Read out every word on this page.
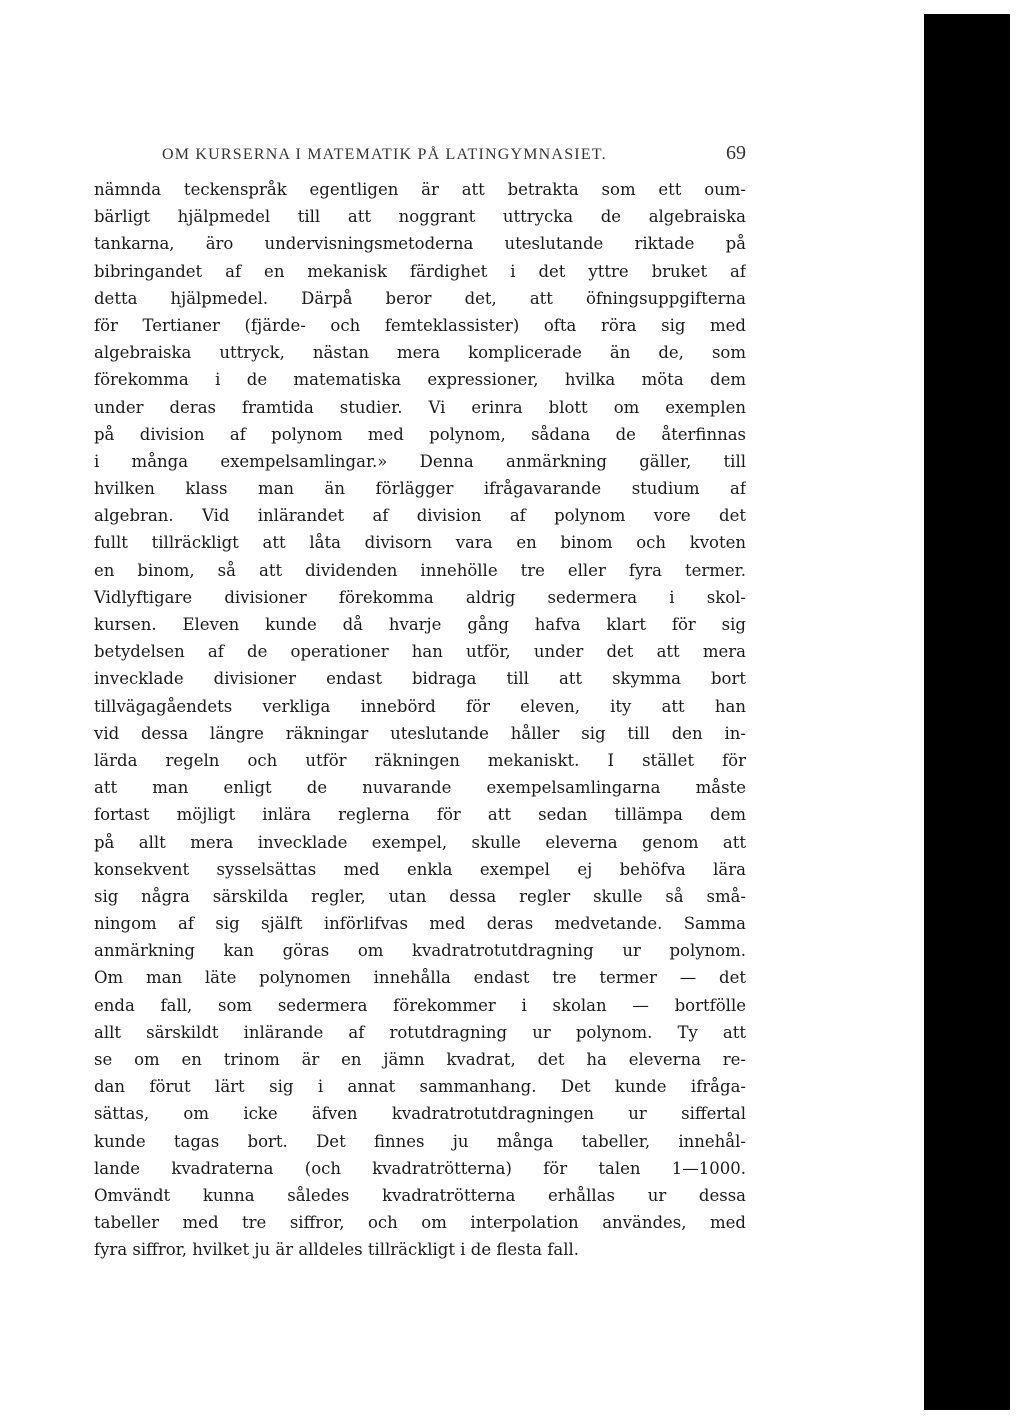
OM KURSERNA I MATEMATIK PÅ LATINGYMNASIET.	69
nämnda teckenspråk egentligen är att betrakta som ett oum-
bärligt hjälpmedel till att noggrant uttrycka de algebraiska
tankarna, äro undervisningsmetoderna uteslutande riktade på
bibringandet af en mekanisk färdighet i det yttre bruket af
detta hjälpmedel. Därpå beror det, att öfningsuppgifterna
för Tertianer (fjärde- och femteklassister) ofta röra sig med
algebraiska uttryck, nästan mera komplicerade än de, som
förekomma i de matematiska expressioner, hvilka möta dem
under deras framtida studier. Vi erinra blott om exemplen
på division af polynom med polynom, sådana de återfinnas
i många exempelsamlingar.» Denna anmärkning gäller, till
hvilken klass man än förlägger ifrågavarande studium af
algebran. Vid inlärandet af division af polynom vore det
fullt tillräckligt att låta divisorn vara en binom och kvoten
en binom, så att dividenden innehölle tre eller fyra termer.
Vidlyftigare divisioner förekomma aldrig sedermera i skol-
kursen. Eleven kunde då hvarje gång hafva klart för sig
betydelsen af de operationer han utför, under det att mera
invecklade divisioner endast bidraga till att skymma bort
tillvägagåendets verkliga innebörd för eleven, ity att han
vid dessa längre räkningar uteslutande håller sig till den in-
lärda regeln och utför räkningen mekaniskt. I stället för
att man enligt de nuvarande exempelsamlingarna måste
fortast möjligt inlära reglerna för att sedan tillämpa dem
på allt mera invecklade exempel, skulle eleverna genom att
konsekvent sysselsättas med enkla exempel ej behöfva lära
sig några särskilda regler, utan dessa regler skulle så små-
ningom af sig själft införlifvas med deras medvetande. Samma
anmärkning kan göras om kvadratrotutdragning ur polynom.
Om man läte polynomen innehålla endast tre termer — det
enda fall, som sedermera förekommer i skolan — bortfölle
allt särskildt inlärande af rotutdragning ur polynom. Ty att
se om en trinom är en jämn kvadrat, det ha eleverna re-
dan förut lärt sig i annat sammanhang. Det kunde ifråga-
sättas, om icke äfven kvadratrotutdragningen ur siffertal
kunde tagas bort. Det finnes ju många tabeller, innehål-
lande kvadraterna (och kvadratrötterna) för talen 1—1000.
Omvändt kunna således kvadratrötterna erhållas ur dessa
tabeller med tre siffror, och om interpolation användes, med
fyra siffror, hvilket ju är alldeles tillräckligt i de flesta fall.
